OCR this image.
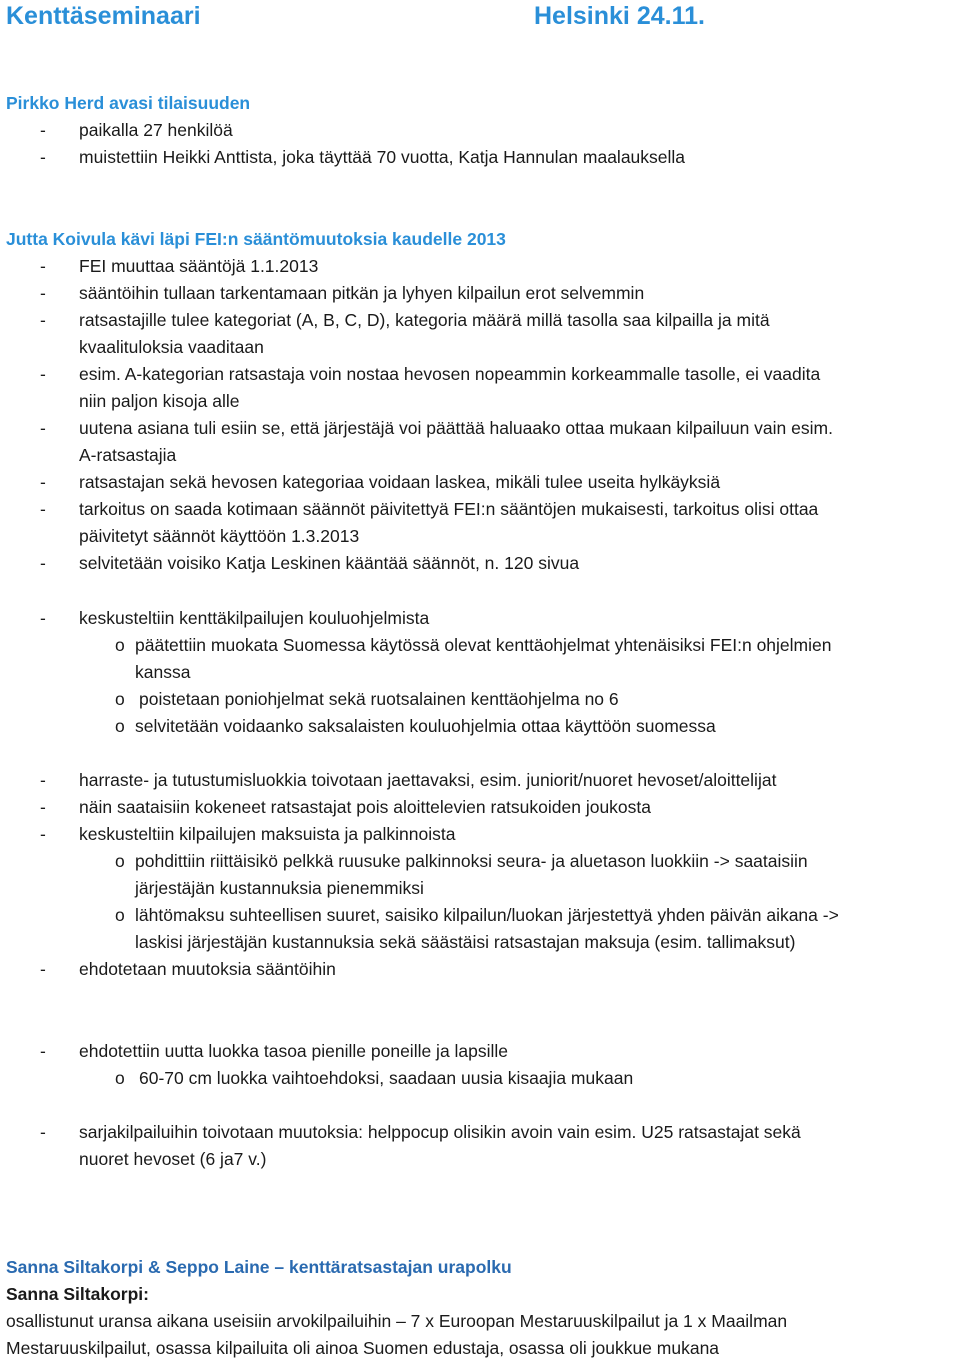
Kenttäseminaari	Helsinki 24.11.
Pirkko Herd avasi tilaisuuden
-	paikalla 27 henkilöä
-	muistettiin Heikki Anttista, joka täyttää 70 vuotta, Katja Hannulan maalauksella
Jutta Koivula kävi läpi FEI:n sääntömuutoksia kaudelle 2013
-	FEI muuttaa sääntöjä 1.1.2013
-	sääntöihin tullaan tarkentamaan pitkän ja lyhyen kilpailun erot selvemmin
-	ratsastajille tulee kategoriat (A, B, C, D), kategoria määrä millä tasolla saa kilpailla ja mitä
kvaalituloksia vaaditaan
-	esim. A-kategorian ratsastaja voin nostaa hevosen nopeammin korkeammalle tasolle, ei vaadita
niin paljon kisoja alle
-	uutena asiana tuli esiin se, että järjestäjä voi päättää haluaako ottaa mukaan kilpailuun vain esim.
A-ratsastajia
-	ratsastajan sekä hevosen kategoriaa voidaan laskea, mikäli tulee useita hylkäyksiä
-	tarkoitus on saada kotimaan säännöt päivitettyä FEI:n sääntöjen mukaisesti, tarkoitus olisi ottaa
päivitetyt säännöt käyttöön 1.3.2013
-	selvitetään voisiko Katja Leskinen kääntää säännöt, n. 120 sivua
-	keskusteltiin kenttäkilpailujen kouluohjelmista
o päätettiin muokata Suomessa käytössä olevat kenttäohjelmat yhtenäisiksi FEI:n ohjelmien
kanssa
o poistetaan poniohjelmat sekä ruotsalainen kenttäohjelma no 6
o selvitetään voidaanko saksalaisten kouluohjelmia ottaa käyttöön suomessa
-	harraste- ja tutustumisluokkia toivotaan jaettavaksi, esim. juniorit/nuoret hevoset/aloittelijat
-	näin saataisiin kokeneet ratsastajat pois aloittelevien ratsukoiden joukosta
-	keskusteltiin kilpailujen maksuista ja palkinnoista
o pohdittiin riittäisikö pelkkä ruusuke palkinnoksi seura- ja aluetason luokkiin -> saataisiin
järjestäjän kustannuksia pienemmiksi
o lähtömaksu suhteellisen suuret, saisiko kilpailun/luokan järjestettyä yhden päivän aikana ->
laskisi järjestäjän kustannuksia sekä säästäisi ratsastajan maksuja (esim. tallimaksut)
-	ehdotetaan muutoksia sääntöihin
-	ehdotettiin uutta luokka tasoa pienille poneille ja lapsille
o 60-70 cm luokka vaihtoehdoksi, saadaan uusia kisaajia mukaan
-	sarjakilpailuihin toivotaan muutoksia: helppocup olisikin avoin vain esim. U25 ratsastajat sekä
nuoret hevoset (6 ja7 v.)
Sanna Siltakorpi & Seppo Laine – kenttäratsastajan urapolku
Sanna Siltakorpi:
osallistunut uransa aikana useisiin arvokilpailuihin – 7 x Euroopan Mestaruuskilpailut ja 1 x Maailman
Mestaruuskilpailut, osassa kilpailuita oli ainoa Suomen edustaja, osassa oli joukkue mukana
